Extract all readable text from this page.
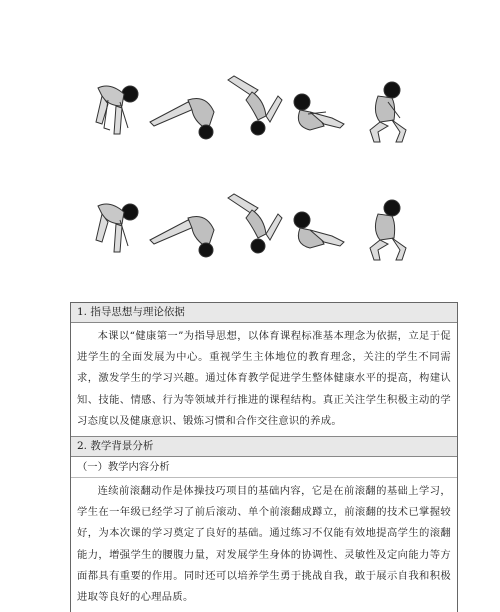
1. 指导思想与理论依据

本课以“健康第一”为指导思想，以体育课程标准基本理念为依据，立足于促进学生的全面发展为中心。重视学生主体地位的教育理念，关注的学生不同需求，激发学生的学习兴趣。通过体育教学促进学生整体健康水平的提高，构建认知、技能、情感、行为等领域并行推进的课程结构。真正关注学生积极主动的学习态度以及健康意识、锻炼习惯和合作交往意识的养成。

2. 教学背景分析
（一）教学内容分析

连续前滚翻动作是体操技巧项目的基础内容，它是在前滚翻的基础上学习，学生在一年级已经学习了前后滚动、单个前滚翻成蹲立，前滚翻的技术已掌握较好，为本次课的学习奠定了良好的基础。通过练习不仅能有效地提高学生的滚翻能力，增强学生的腰腹力量，对发展学生身体的协调性、灵敏性及定向能力等方面都具有重要的作用。同时还可以培养学生勇于挑战自我，敢于展示自我和积极进取等良好的心理品质。
